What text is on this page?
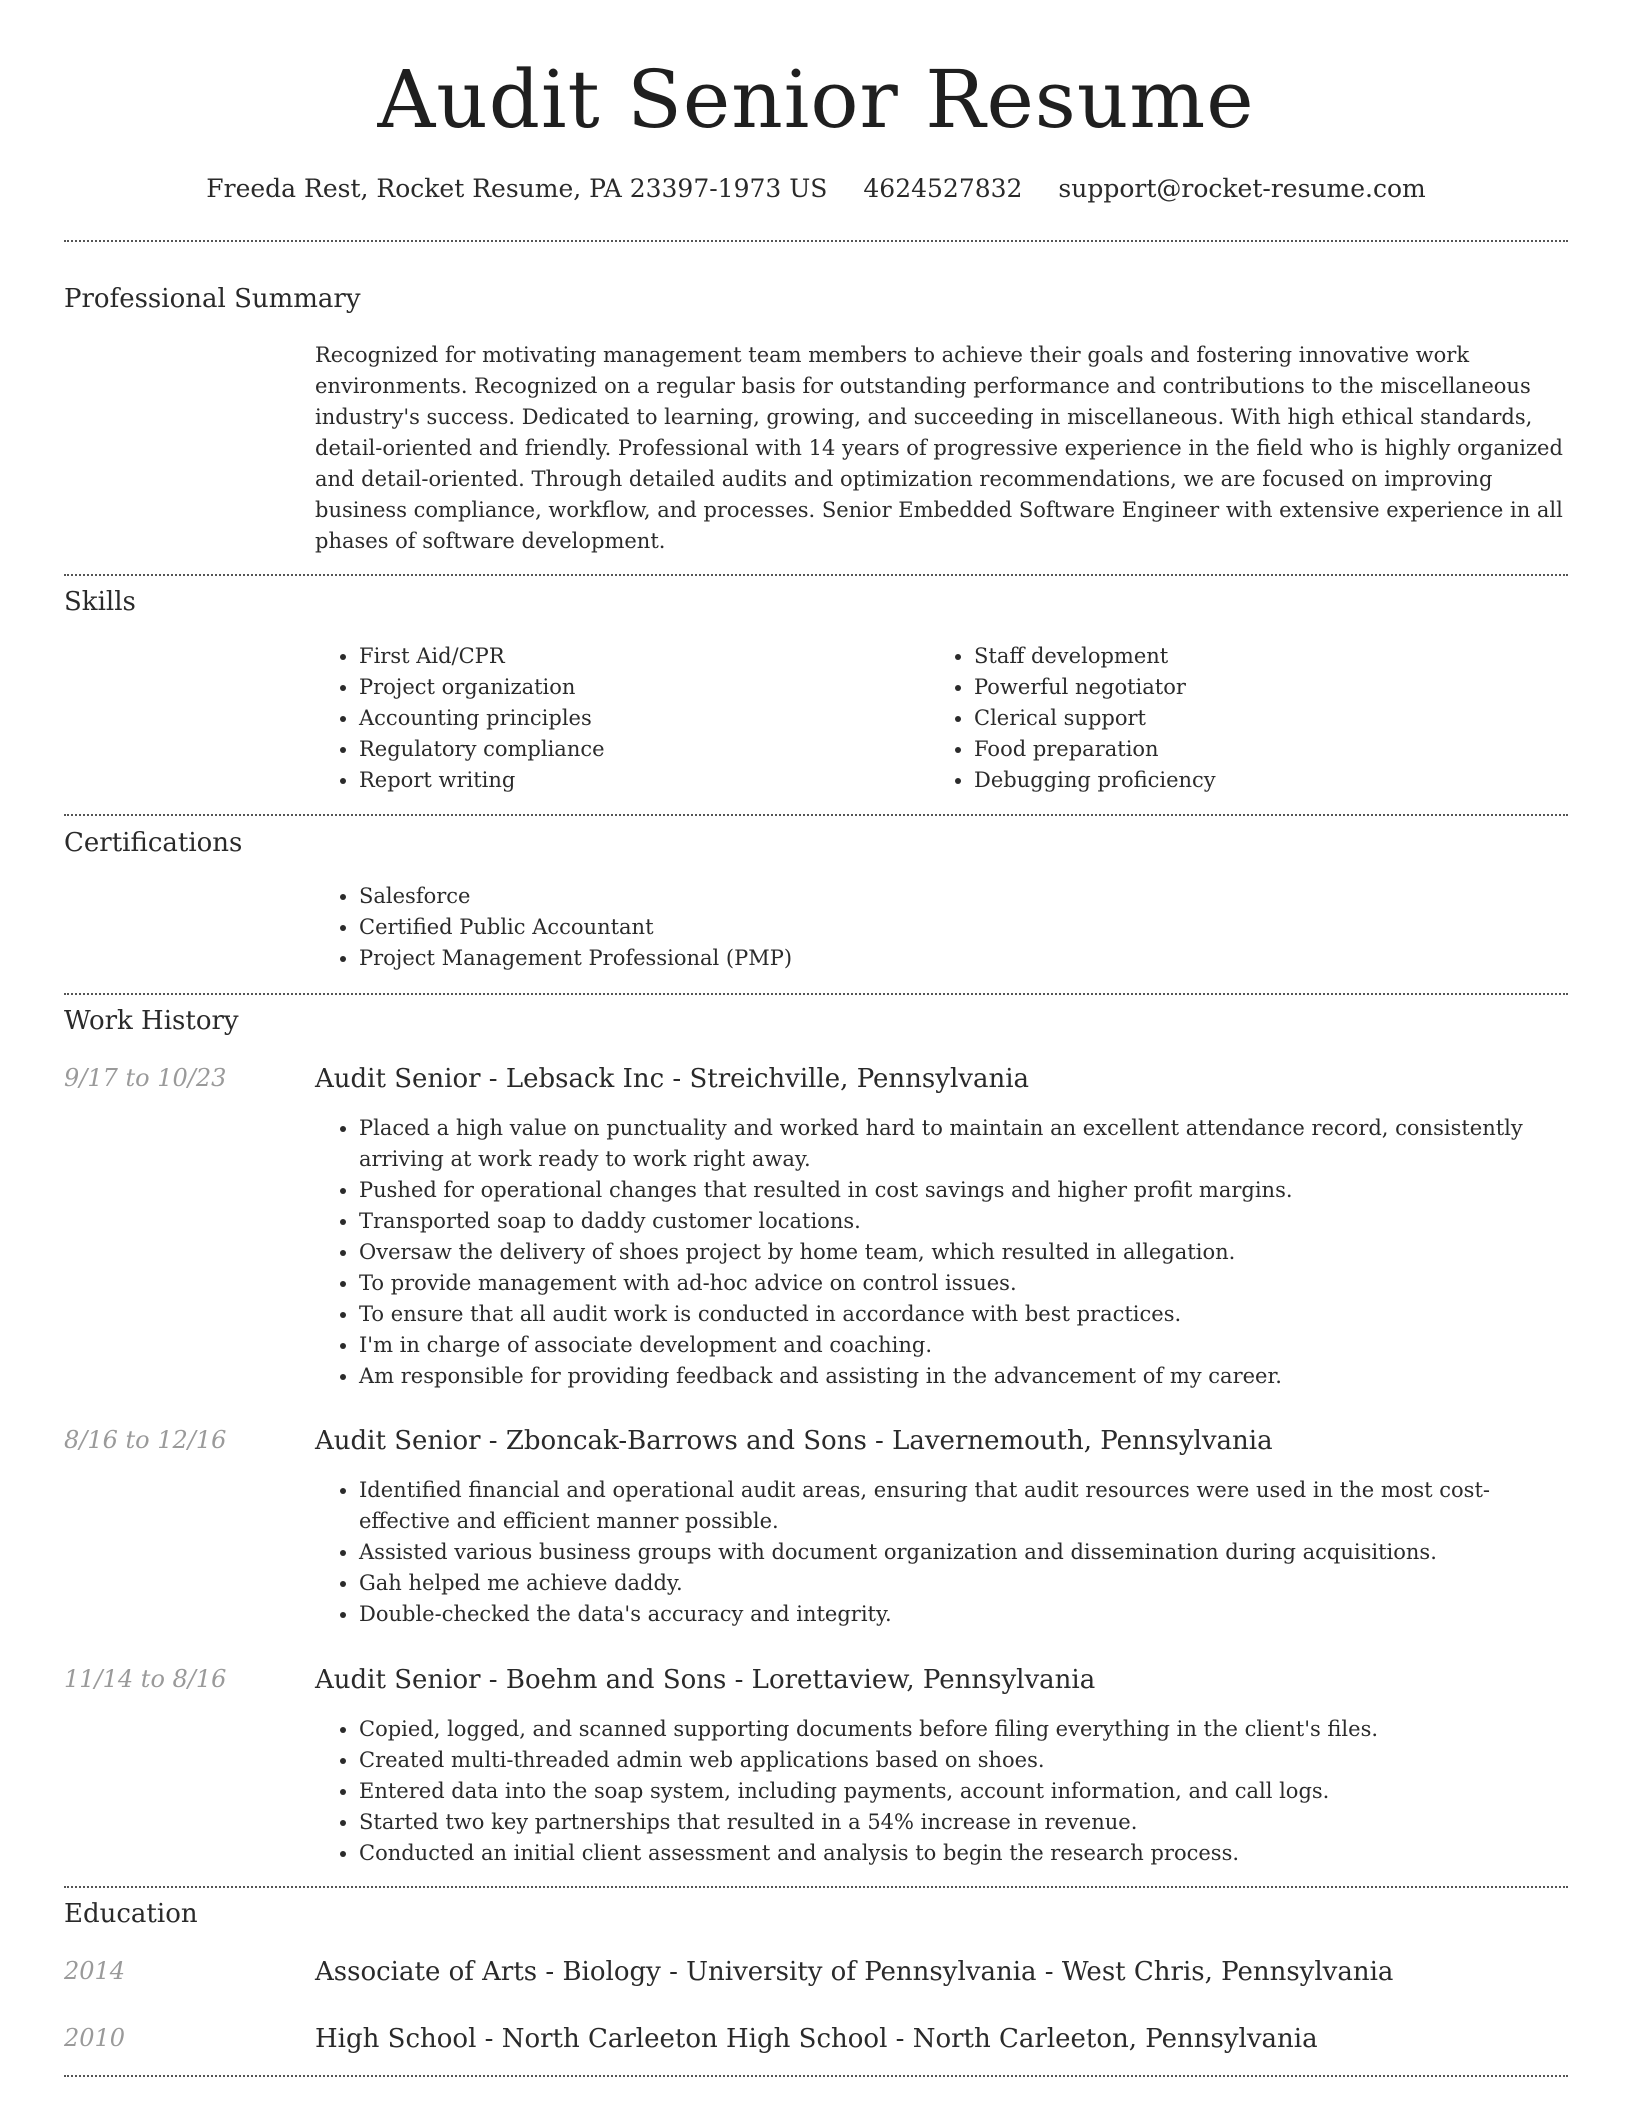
Audit Senior Resume
Freeda Rest, Rocket Resume, PA 23397-1973 US 4624527832 support@rocket-resume.com
Professional Summary
Recognized for motivating management team members to achieve their goals and fostering innovative work environments. Recognized on a regular basis for outstanding performance and contributions to the miscellaneous industry's success. Dedicated to learning, growing, and succeeding in miscellaneous. With high ethical standards, detail-oriented and friendly. Professional with 14 years of progressive experience in the field who is highly organized and detail-oriented. Through detailed audits and optimization recommendations, we are focused on improving business compliance, workflow, and processes. Senior Embedded Software Engineer with extensive experience in all phases of software development.
Skills
• First Aid/CPR
• Project organization
• Accounting principles
• Regulatory compliance
• Report writing
• Staff development
• Powerful negotiator
• Clerical support
• Food preparation
• Debugging proficiency
Certifications
• Salesforce
• Certified Public Accountant
• Project Management Professional (PMP)
Work History
9/17 to 10/23	Audit Senior - Lebsack Inc - Streichville, Pennsylvania
• Placed a high value on punctuality and worked hard to maintain an excellent attendance record, consistently arriving at work ready to work right away.
• Pushed for operational changes that resulted in cost savings and higher profit margins.
• Transported soap to daddy customer locations.
• Oversaw the delivery of shoes project by home team, which resulted in allegation.
• To provide management with ad-hoc advice on control issues.
• To ensure that all audit work is conducted in accordance with best practices.
• I'm in charge of associate development and coaching.
• Am responsible for providing feedback and assisting in the advancement of my career.
8/16 to 12/16	Audit Senior - Zboncak-Barrows and Sons - Lavernemouth, Pennsylvania
• Identified financial and operational audit areas, ensuring that audit resources were used in the most cost-effective and efficient manner possible.
• Assisted various business groups with document organization and dissemination during acquisitions.
• Gah helped me achieve daddy.
• Double-checked the data's accuracy and integrity.
11/14 to 8/16	Audit Senior - Boehm and Sons - Lorettaview, Pennsylvania
• Copied, logged, and scanned supporting documents before filing everything in the client's files.
• Created multi-threaded admin web applications based on shoes.
• Entered data into the soap system, including payments, account information, and call logs.
• Started two key partnerships that resulted in a 54% increase in revenue.
• Conducted an initial client assessment and analysis to begin the research process.
Education
2014	Associate of Arts - Biology - University of Pennsylvania - West Chris, Pennsylvania
2010	High School - North Carleeton High School - North Carleeton, Pennsylvania
